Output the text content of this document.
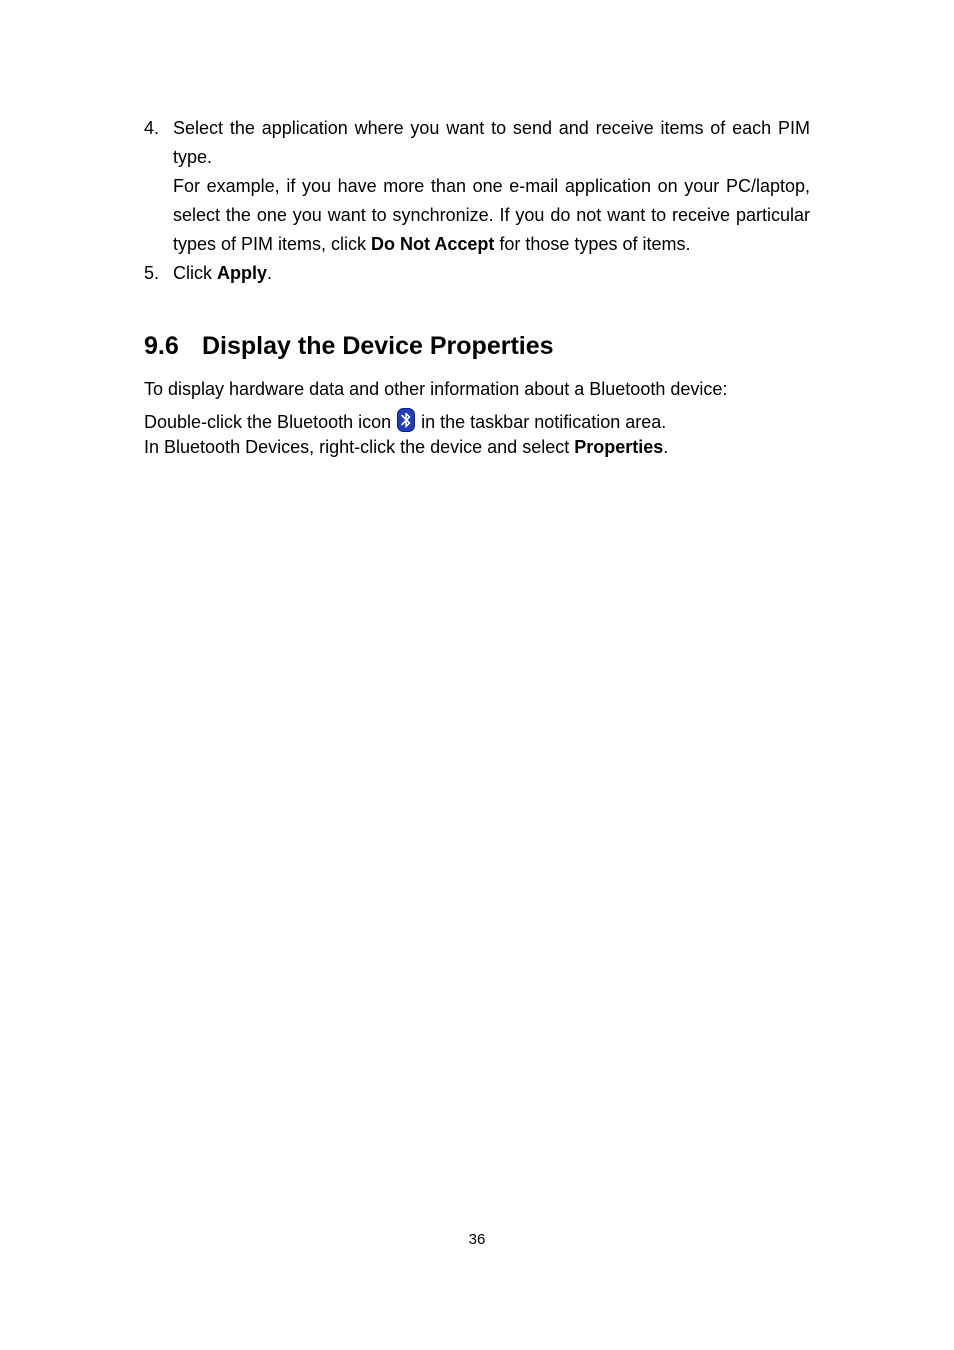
4. Select the application where you want to send and receive items of each PIM type.

For example, if you have more than one e-mail application on your PC/laptop, select the one you want to synchronize. If you do not want to receive particular types of PIM items, click Do Not Accept for those types of items.

5. Click Apply.

9.6 Display the Device Properties

To display hardware data and other information about a Bluetooth device:

Double-click the Bluetooth icon in the taskbar notification area.

In Bluetooth Devices, right-click the device and select Properties.

36
